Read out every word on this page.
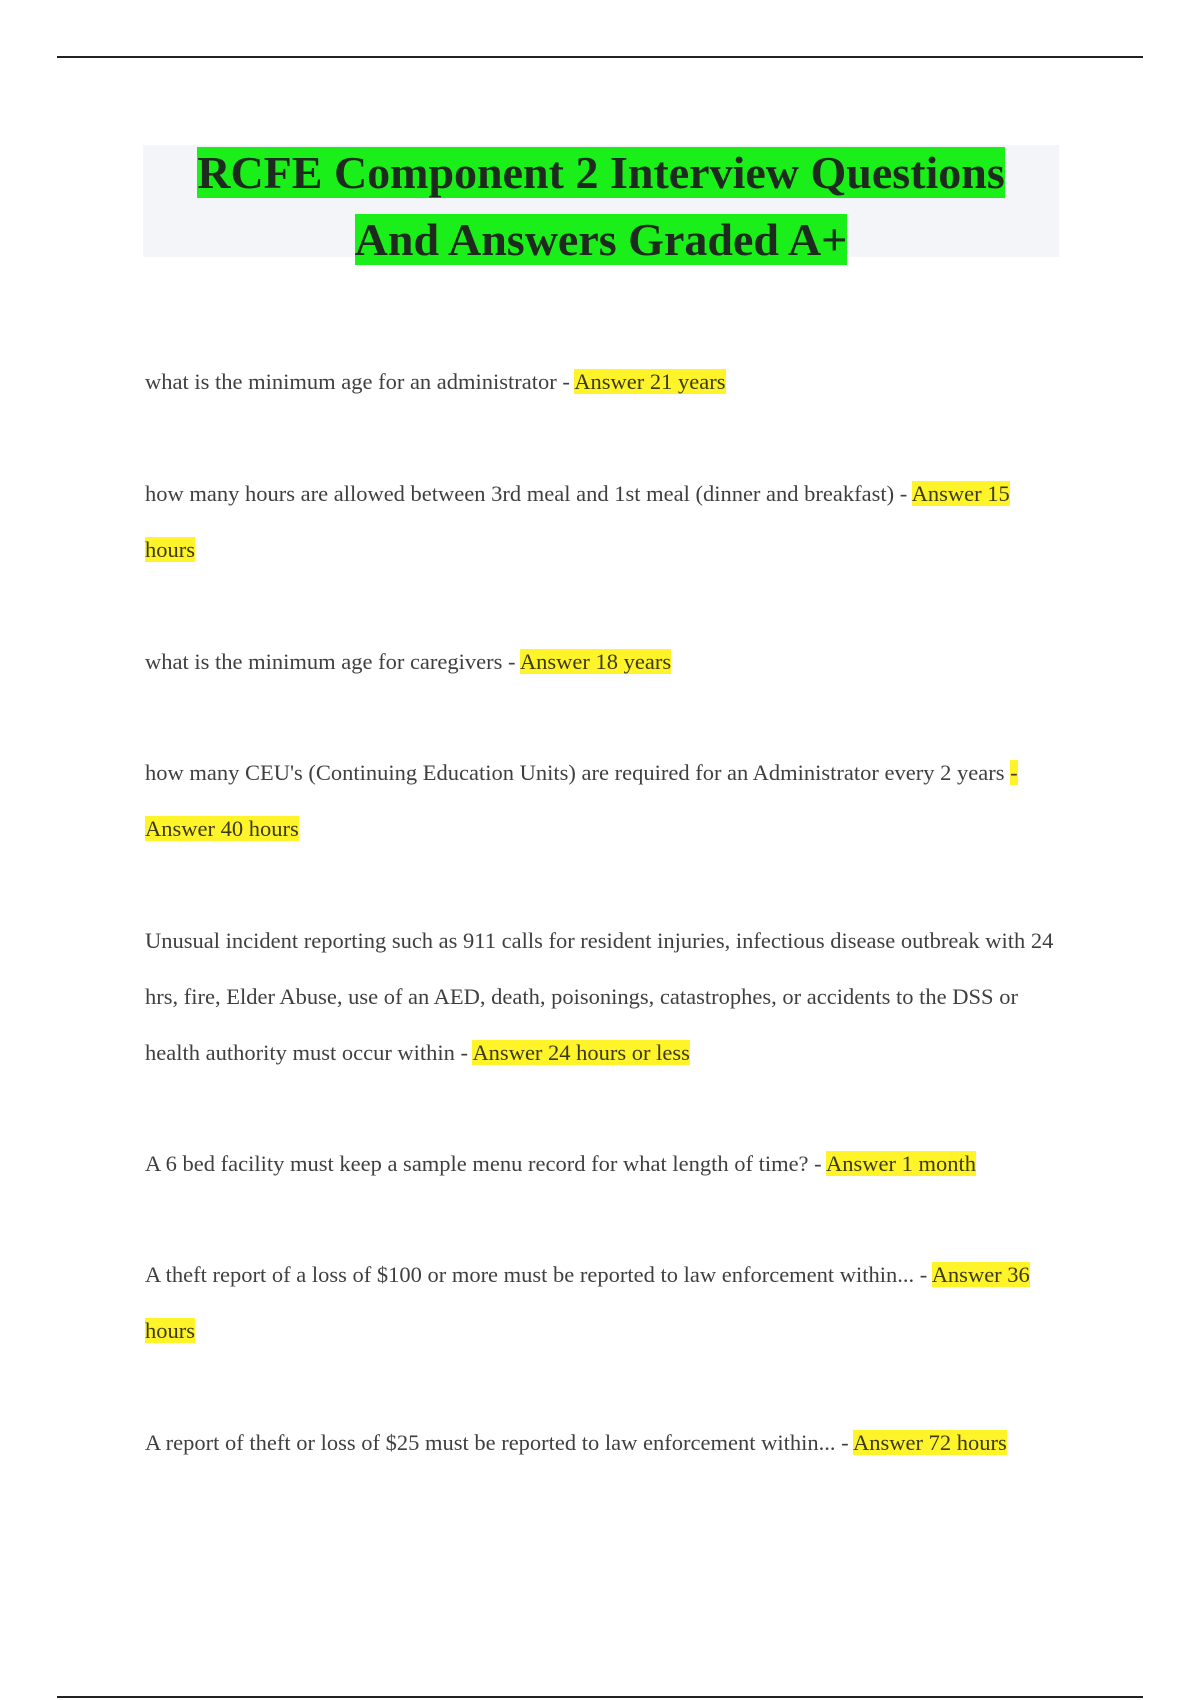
RCFE Component 2 Interview Questions
And Answers Graded A+
what is the minimum age for an administrator - Answer 21 years
how many hours are allowed between 3rd meal and 1st meal (dinner and breakfast) - Answer 15 hours
what is the minimum age for caregivers - Answer 18 years
how many CEU's (Continuing Education Units) are required for an Administrator every 2 years - Answer 40 hours
Unusual incident reporting such as 911 calls for resident injuries, infectious disease outbreak with 24 hrs, fire, Elder Abuse, use of an AED, death, poisonings, catastrophes, or accidents to the DSS or health authority must occur within - Answer 24 hours or less
A 6 bed facility must keep a sample menu record for what length of time? - Answer 1 month
A theft report of a loss of $100 or more must be reported to law enforcement within... - Answer 36 hours
A report of theft or loss of $25 must be reported to law enforcement within... - Answer 72 hours
